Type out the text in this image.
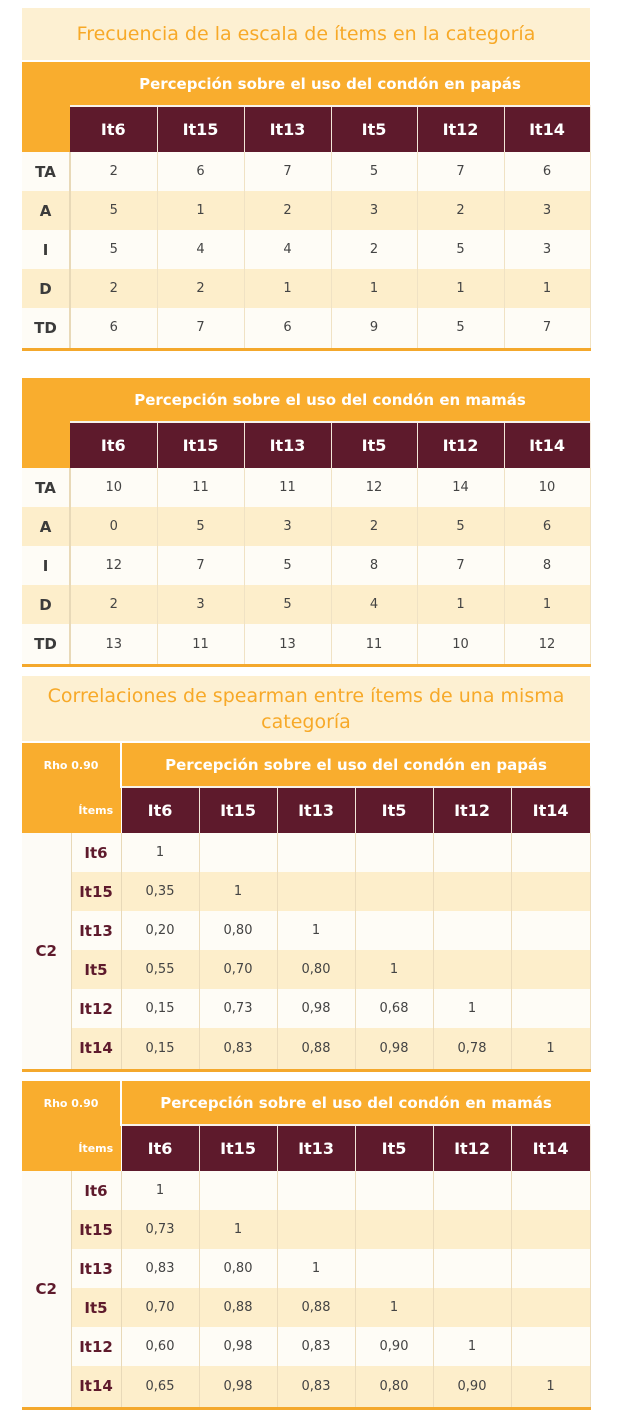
Frecuencia de la escala de ítems en la categoría
	Percepción sobre el uso del condón en papás					
	It6	It15	It13	It5	It12	It14
TA	2	6	7	5	7	6
A	5	1	2	3	2	3
I	5	4	4	2	5	3
D	2	2	1	1	1	1
TD	6	7	6	9	5	7
	Percepción sobre el uso del condón en mamás					
	It6	It15	It13	It5	It12	It14
TA	10	11	11	12	14	10
A	0	5	3	2	5	6
I	12	7	5	8	7	8
D	2	3	5	4	1	1
TD	13	11	13	11	10	12
Correlaciones de spearman entre ítems de una misma categoría
Rho 0.90		Percepción sobre el uso del condón en papás					
	Ítems	It6	It15	It13	It5	It12	It14
C2	It6	1					
	It15	0,35	1				
	It13	0,20	0,80	1			
	It5	0,55	0,70	0,80	1		
	It12	0,15	0,73	0,98	0,68	1	
	It14	0,15	0,83	0,88	0,98	0,78	1
Rho 0.90		Percepción sobre el uso del condón en mamás					
	Ítems	It6	It15	It13	It5	It12	It14
C2	It6	1					
	It15	0,73	1				
	It13	0,83	0,80	1			
	It5	0,70	0,88	0,88	1		
	It12	0,60	0,98	0,83	0,90	1	
	It14	0,65	0,98	0,83	0,80	0,90	1
